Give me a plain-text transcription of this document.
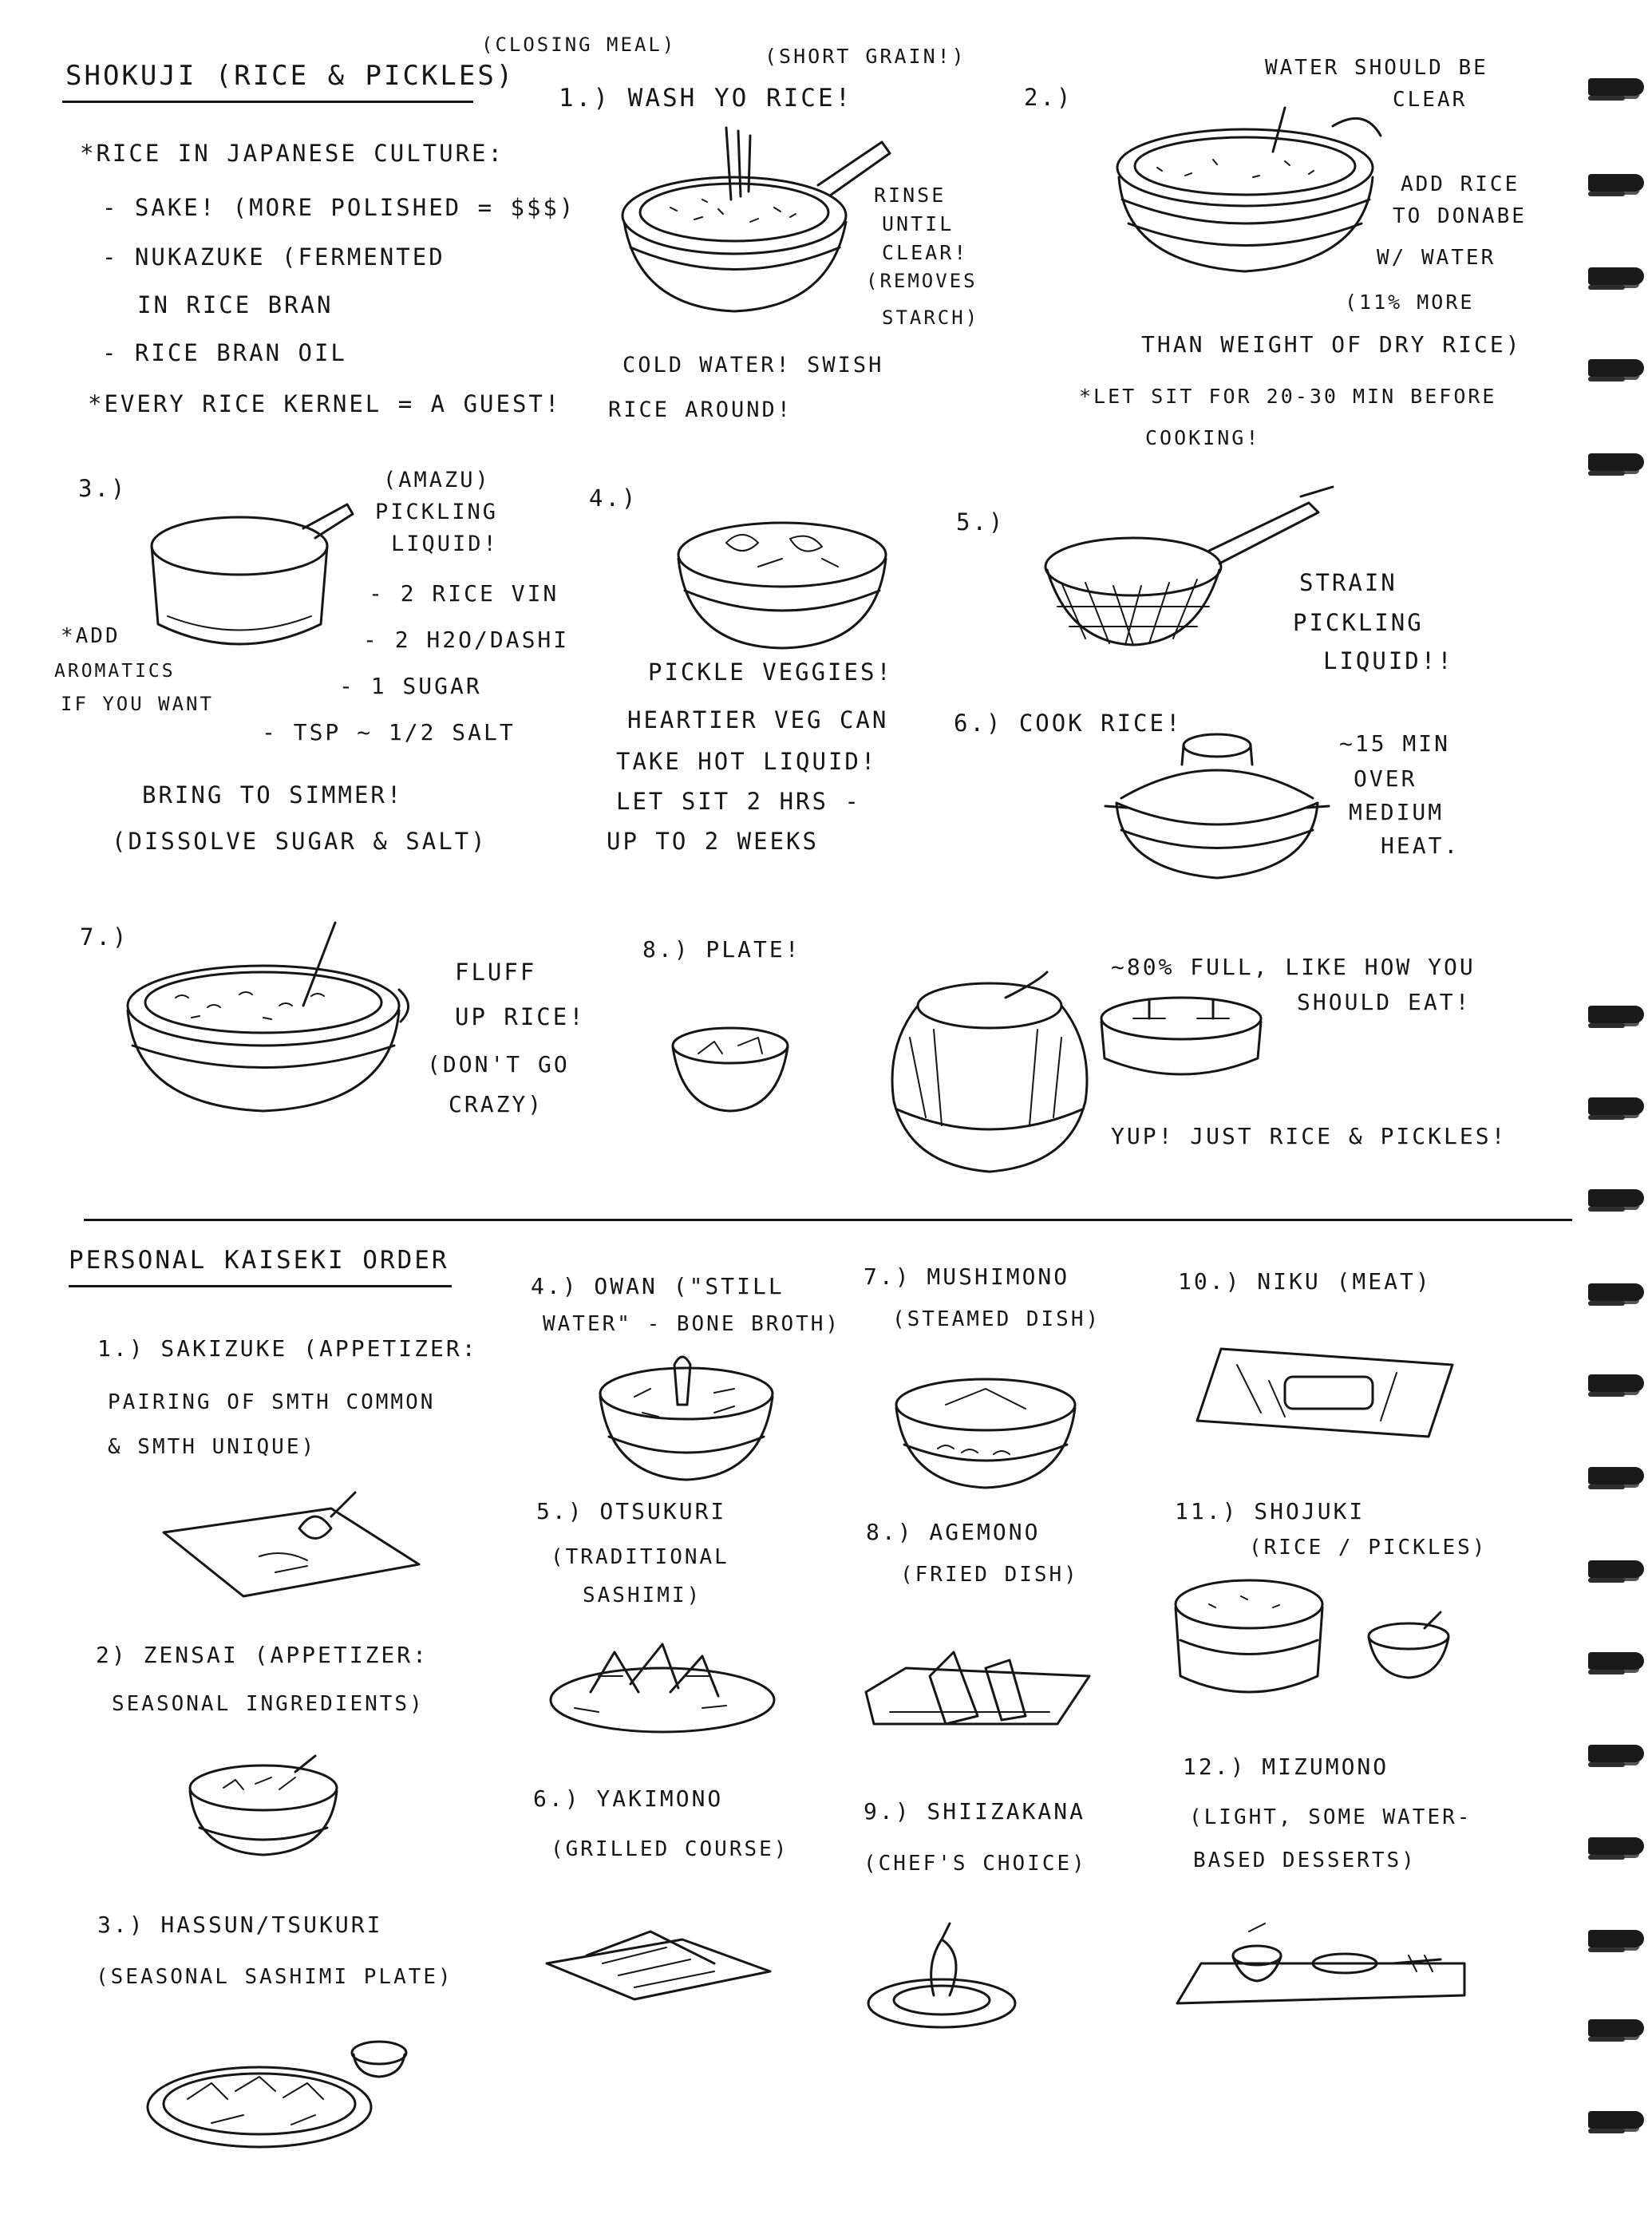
SHOKUJI (RICE & PICKLES)
(CLOSING MEAL)
*RICE IN JAPANESE CULTURE:
- SAKE! (MORE POLISHED = $$$)
- NUKAZUKE (FERMENTED
IN RICE BRAN
- RICE BRAN OIL
*EVERY RICE KERNEL = A GUEST!
(SHORT GRAIN!)
1.) WASH YO RICE!
RINSE
UNTIL
CLEAR!
(REMOVES
STARCH)
COLD WATER! SWISH
RICE AROUND!
2.)
WATER SHOULD BE
CLEAR
ADD RICE
TO DONABE
W/ WATER
(11% MORE
THAN WEIGHT OF DRY RICE)
*LET SIT FOR 20-30 MIN BEFORE
COOKING!
3.)	(AMAZU)
PICKLING
LIQUID!
- 2 RICE VIN
- 2 H2O/DASHI
- 1 SUGAR
- TSP ~ 1/2 SALT
*ADD
AROMATICS
IF YOU WANT
BRING TO SIMMER!
(DISSOLVE SUGAR & SALT)
4.)
PICKLE VEGGIES!
HEARTIER VEG CAN
TAKE HOT LIQUID!
LET SIT 2 HRS -
UP TO 2 WEEKS
5.)
STRAIN
PICKLING
LIQUID!!
6.) COOK RICE!
~15 MIN
OVER
MEDIUM
HEAT.
7.)
FLUFF
UP RICE!
(DON'T GO
CRAZY)
8.) PLATE!
~80% FULL, LIKE HOW YOU
SHOULD EAT!
YUP! JUST RICE & PICKLES!
PERSONAL KAISEKI ORDER
1.) SAKIZUKE (APPETIZER:
PAIRING OF SMTH COMMON
& SMTH UNIQUE)
2) ZENSAI (APPETIZER:
SEASONAL INGREDIENTS)
3.) HASSUN/TSUKURI
(SEASONAL SASHIMI PLATE)
4.) OWAN ("STILL
WATER" - BONE BROTH)
5.) OTSUKURI
(TRADITIONAL
SASHIMI)
6.) YAKIMONO
(GRILLED COURSE)
7.) MUSHIMONO
(STEAMED DISH)
8.) AGEMONO
(FRIED DISH)
9.) SHIIZAKANA
(CHEF'S CHOICE)
10.) NIKU (MEAT)
11.) SHOJUKI
(RICE / PICKLES)
12.) MIZUMONO
(LIGHT, SOME WATER-
BASED DESSERTS)
